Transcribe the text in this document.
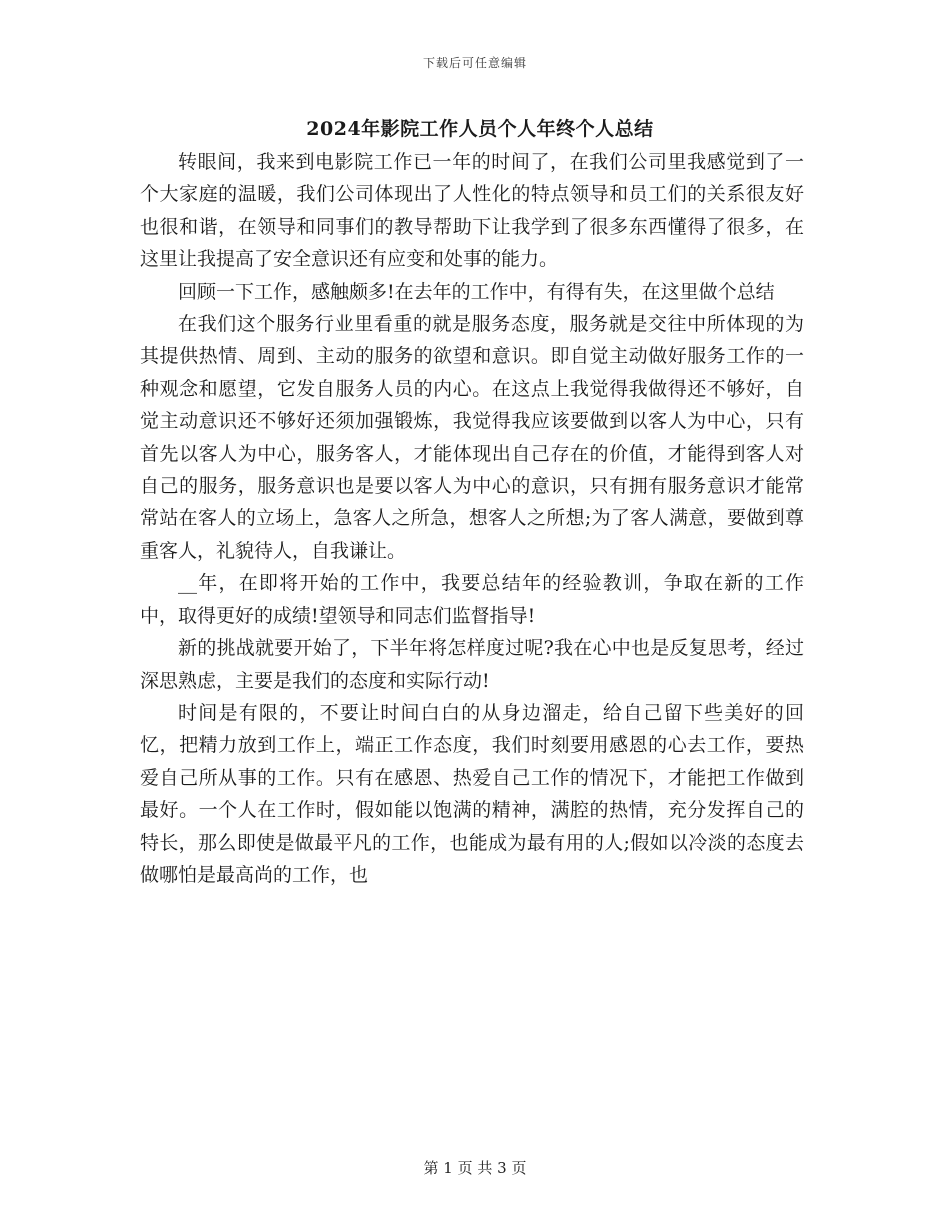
下载后可任意编辑
2024年影院工作人员个人年终个人总结

转眼间，我来到电影院工作已一年的时间了，在我们公司里我感觉到了一个大家庭的温暖，我们公司体现出了人性化的特点领导和员工们的关系很友好也很和谐，在领导和同事们的教导帮助下让我学到了很多东西懂得了很多，在这里让我提高了安全意识还有应变和处事的能力。

回顾一下工作，感触颇多!在去年的工作中，有得有失，在这里做个总结

在我们这个服务行业里看重的就是服务态度，服务就是交往中所体现的为其提供热情、周到、主动的服务的欲望和意识。即自觉主动做好服务工作的一种观念和愿望，它发自服务人员的内心。在这点上我觉得我做得还不够好，自觉主动意识还不够好还须加强锻炼，我觉得我应该要做到以客人为中心，只有首先以客人为中心，服务客人，才能体现出自己存在的价值，才能得到客人对自己的服务，服务意识也是要以客人为中心的意识，只有拥有服务意识才能常常站在客人的立场上，急客人之所急，想客人之所想;为了客人满意，要做到尊重客人，礼貌待人，自我谦让。

__年，在即将开始的工作中，我要总结年的经验教训，争取在新的工作中，取得更好的成绩!望领导和同志们监督指导!

新的挑战就要开始了，下半年将怎样度过呢?我在心中也是反复思考，经过深思熟虑，主要是我们的态度和实际行动!

时间是有限的，不要让时间白白的从身边溜走，给自己留下些美好的回忆，把精力放到工作上，端正工作态度，我们时刻要用感恩的心去工作，要热爱自己所从事的工作。只有在感恩、热爱自己工作的情况下，才能把工作做到最好。一个人在工作时，假如能以饱满的精神，满腔的热情，充分发挥自己的特长，那么即使是做最平凡的工作，也能成为最有用的人;假如以冷淡的态度去做哪怕是最高尚的工作，也

第 1 页 共 3 页
